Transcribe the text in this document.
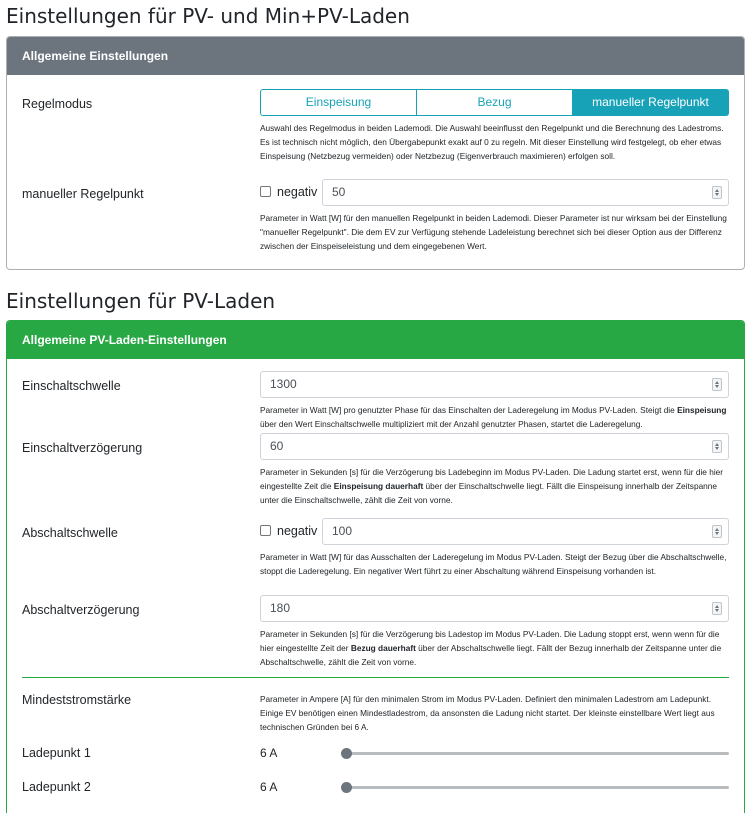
Einstellungen für PV- und Min+PV-Laden
Allgemeine Einstellungen
Regelmodus	Einspeisung	Bezug	manueller Regelpunkt
Auswahl des Regelmodus in beiden Lademodi. Die Auswahl beeinflusst den Regelpunkt und die Berechnung des Ladestroms. Es ist technisch nicht möglich, den Übergabepunkt exakt auf 0 zu regeln. Mit dieser Einstellung wird festgelegt, ob eher etwas Einspeisung (Netzbezug vermeiden) oder Netzbezug (Eigenverbrauch maximieren) erfolgen soll.
manueller Regelpunkt	negativ	50
Parameter in Watt [W] für den manuellen Regelpunkt in beiden Lademodi. Dieser Parameter ist nur wirksam bei der Einstellung "manueller Regelpunkt". Die dem EV zur Verfügung stehende Ladeleistung berechnet sich bei dieser Option aus der Differenz zwischen der Einspeiseleistung und dem eingegebenen Wert.
Einstellungen für PV-Laden
Allgemeine PV-Laden-Einstellungen
Einschaltschwelle	1300
Parameter in Watt [W] pro genutzter Phase für das Einschalten der Laderegelung im Modus PV-Laden. Steigt die Einspeisung über den Wert Einschaltschwelle multipliziert mit der Anzahl genutzter Phasen, startet die Laderegelung.
Einschaltverzögerung	60
Parameter in Sekunden [s] für die Verzögerung bis Ladebeginn im Modus PV-Laden. Die Ladung startet erst, wenn für die hier eingestellte Zeit die Einspeisung dauerhaft über der Einschaltschwelle liegt. Fällt die Einspeisung innerhalb der Zeitspanne unter die Einschaltschwelle, zählt die Zeit von vorne.
Abschaltschwelle	negativ	100
Parameter in Watt [W] für das Ausschalten der Laderegelung im Modus PV-Laden. Steigt der Bezug über die Abschaltschwelle, stoppt die Laderegelung. Ein negativer Wert führt zu einer Abschaltung während Einspeisung vorhanden ist.
Abschaltverzögerung	180
Parameter in Sekunden [s] für die Verzögerung bis Ladestop im Modus PV-Laden. Die Ladung stoppt erst, wenn wenn für die hier eingestellte Zeit der Bezug dauerhaft über der Abschaltschwelle liegt. Fällt der Bezug innerhalb der Zeitspanne unter die Abschaltschwelle, zählt die Zeit von vorne.
Mindeststromstärke	Parameter in Ampere [A] für den minimalen Strom im Modus PV-Laden. Definiert den minimalen Ladestrom am Ladepunkt. Einige EV benötigen einen Mindestladestrom, da ansonsten die Ladung nicht startet. Der kleinste einstellbare Wert liegt aus technischen Gründen bei 6 A.
Ladepunkt 1	6 A
Ladepunkt 2	6 A
